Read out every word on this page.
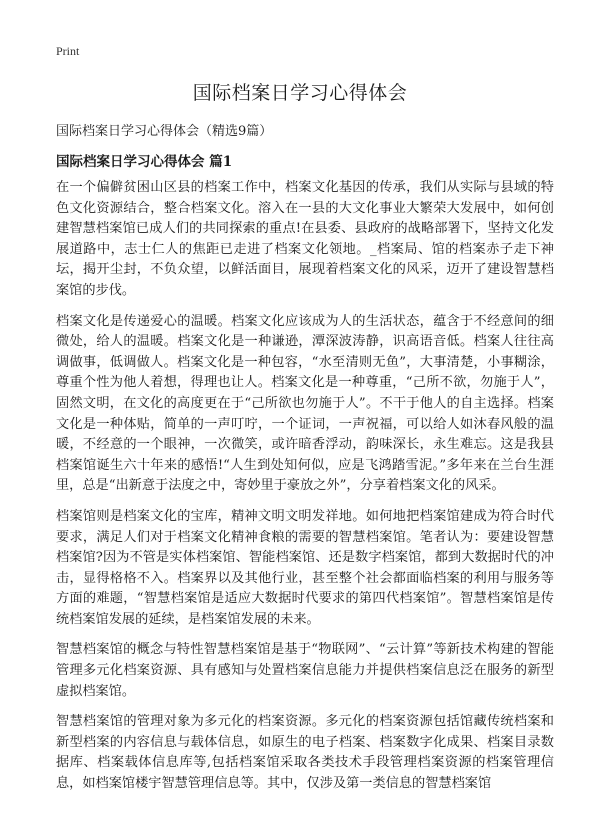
Print
国际档案日学习心得体会

国际档案日学习心得体会（精选9篇）

国际档案日学习心得体会 篇1

在一个偏僻贫困山区县的档案工作中，档案文化基因的传承，我们从实际与县域的特色文化资源结合，整合档案文化。溶入在一县的大文化事业大繁荣大发展中，如何创建智慧档案馆已成人们的共同探索的重点!在县委、县政府的战略部署下，坚持文化发展道路中，志士仁人的焦距已走进了档案文化领地。_档案局、馆的档案赤子走下神坛，揭开尘封，不负众望，以鲜活面目，展现着档案文化的风采，迈开了建设智慧档案馆的步伐。

档案文化是传递爱心的温暖。档案文化应该成为人的生活状态，蕴含于不经意间的细微处，给人的温暖。档案文化是一种谦逊，潭深波涛静，识高语音低。档案人往往高调做事，低调做人。档案文化是一种包容，“水至清则无鱼”，大事清楚，小事糊涂，尊重个性为他人着想，得理也让人。档案文化是一种尊重，“己所不欲，勿施于人”，固然文明，在文化的高度更在于“己所欲也勿施于人”。不干于他人的自主选择。档案文化是一种体贴，简单的一声叮咛，一个证词，一声祝福，可以给人如沐春风般的温暖，不经意的一个眼神，一次微笑，或许暗香浮动，韵味深长，永生难忘。这是我县档案馆诞生六十年来的感悟!“人生到处知何似，应是飞鸿踏雪泥。”多年来在兰台生涯里，总是“出新意于法度之中，寄妙里于豪放之外”，分享着档案文化的风采。

档案馆则是档案文化的宝库，精神文明文明发祥地。如何地把档案馆建成为符合时代要求，满足人们对于档案文化精神食粮的需要的智慧档案馆。笔者认为：要建设智慧档案馆?因为不管是实体档案馆、智能档案馆、还是数字档案馆，都到大数据时代的冲击，显得格格不入。档案界以及其他行业，甚至整个社会都面临档案的利用与服务等方面的难题，“智慧档案馆是适应大数据时代要求的第四代档案馆”。智慧档案馆是传统档案馆发展的延续，是档案馆发展的未来。

智慧档案馆的概念与特性智慧档案馆是基于“物联网”、“云计算”等新技术构建的智能管理多元化档案资源、具有感知与处置档案信息能力并提供档案信息泛在服务的新型虚拟档案馆。

智慧档案馆的管理对象为多元化的档案资源。多元化的档案资源包括馆藏传统档案和新型档案的内容信息与载体信息，如原生的电子档案、档案数字化成果、档案目录数据库、档案载体信息库等,包括档案馆采取各类技术手段管理档案资源的档案管理信息，如档案馆楼宇智慧管理信息等。其中，仅涉及第一类信息的智慧档案馆
